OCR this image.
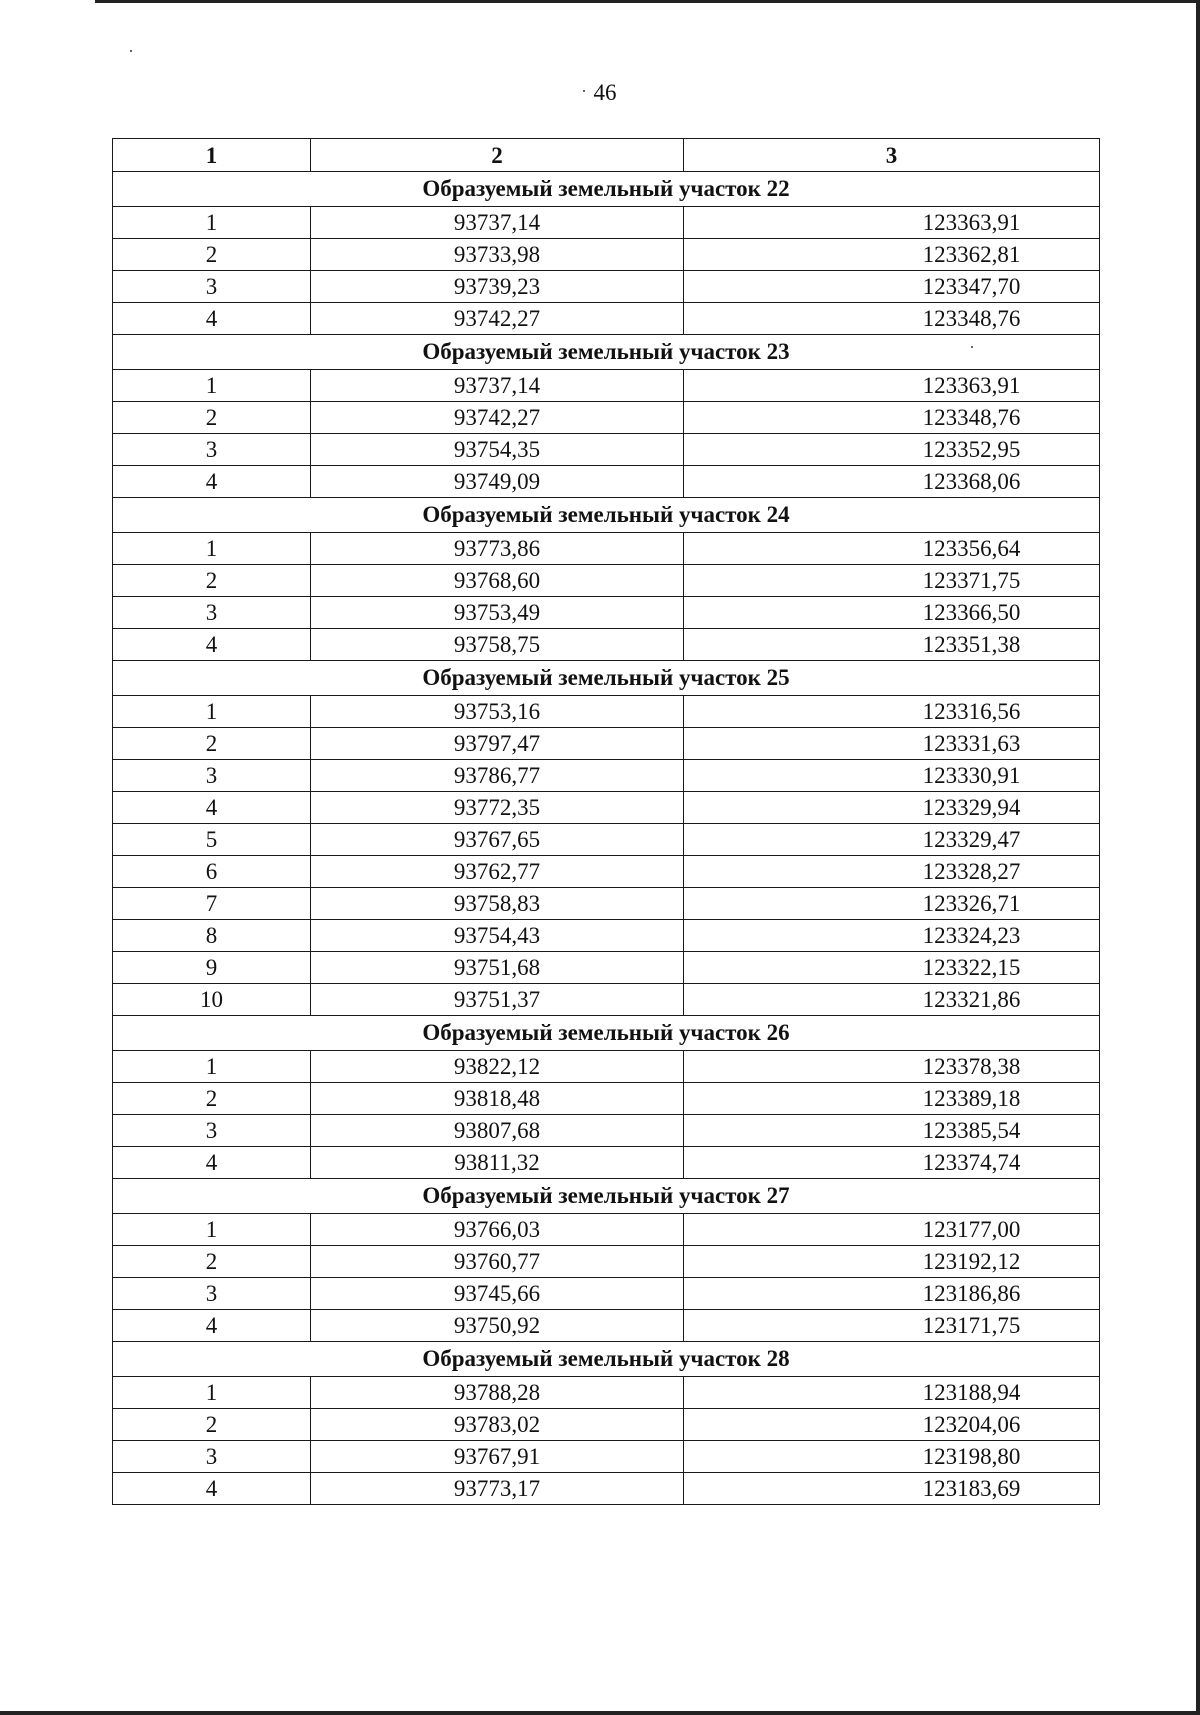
46
1	2	3
Образуемый земельный участок 22		
1	93737,14	123363,91
2	93733,98	123362,81
3	93739,23	123347,70
4	93742,27	123348,76
Образуемый земельный участок 23		
1	93737,14	123363,91
2	93742,27	123348,76
3	93754,35	123352,95
4	93749,09	123368,06
Образуемый земельный участок 24		
1	93773,86	123356,64
2	93768,60	123371,75
3	93753,49	123366,50
4	93758,75	123351,38
Образуемый земельный участок 25		
1	93753,16	123316,56
2	93797,47	123331,63
3	93786,77	123330,91
4	93772,35	123329,94
5	93767,65	123329,47
6	93762,77	123328,27
7	93758,83	123326,71
8	93754,43	123324,23
9	93751,68	123322,15
10	93751,37	123321,86
Образуемый земельный участок 26		
1	93822,12	123378,38
2	93818,48	123389,18
3	93807,68	123385,54
4	93811,32	123374,74
Образуемый земельный участок 27		
1	93766,03	123177,00
2	93760,77	123192,12
3	93745,66	123186,86
4	93750,92	123171,75
Образуемый земельный участок 28		
1	93788,28	123188,94
2	93783,02	123204,06
3	93767,91	123198,80
4	93773,17	123183,69
